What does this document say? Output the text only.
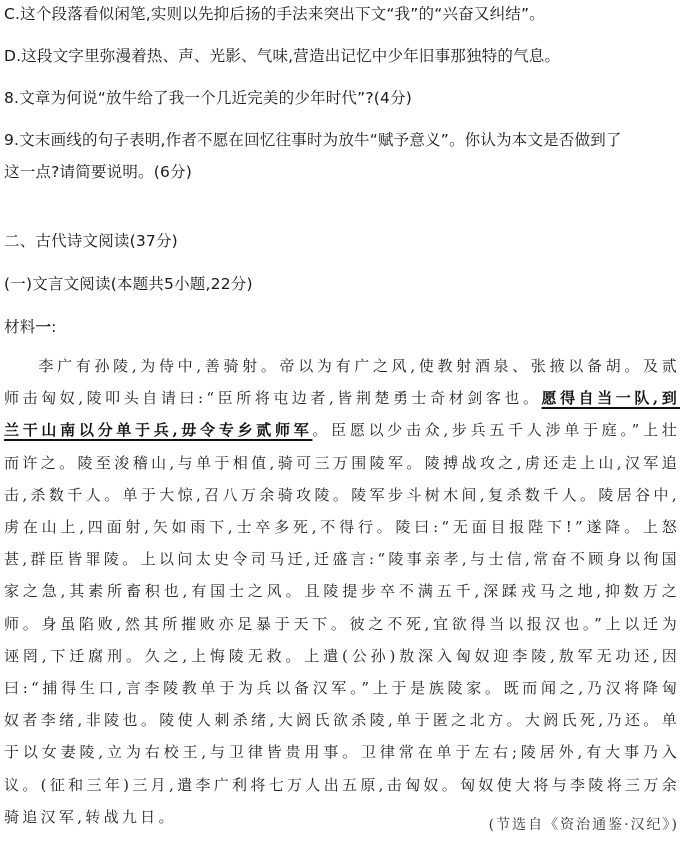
C.这个段落看似闲笔,实则以先抑后扬的手法来突出下文“我”的“兴奋又纠结”。
D.这段文字里弥漫着热、声、光影、气味,营造出记忆中少年旧事那独特的气息。
8.文章为何说“放牛给了我一个几近完美的少年时代”?(4分)
9.文末画线的句子表明,作者不愿在回忆往事时为放牛“赋予意义”。你认为本文是否做到了
这一点?请简要说明。(6分)
二、古代诗文阅读(37分)
(一)文言文阅读(本题共5小题,22分)
材料一:
李广有孙陵,为侍中,善骑射。帝以为有广之风,使教射酒泉、张掖以备胡。及贰师击匈奴,陵叩头自请曰:“臣所将屯边者,皆荆楚勇士奇材剑客也。愿得自当一队,到兰干山南以分单于兵,毋令专乡贰师军。臣愿以少击众,步兵五千人涉单于庭。”上壮而许之。陵至浚稽山,与单于相值,骑可三万围陵军。陵搏战攻之,虏还走上山,汉军追击,杀数千人。单于大惊,召八万余骑攻陵。陵军步斗树木间,复杀数千人。陵居谷中,虏在山上,四面射,矢如雨下,士卒多死,不得行。陵曰:“无面目报陛下!”遂降。上怒甚,群臣皆罪陵。上以问太史令司马迁,迁盛言:“陵事亲孝,与士信,常奋不顾身以徇国家之急,其素所畜积也,有国士之风。且陵提步卒不满五千,深蹂戎马之地,抑数万之师。身虽陷败,然其所摧败亦足暴于天下。彼之不死,宜欲得当以报汉也。”上以迁为诬罔,下迁腐刑。久之,上悔陵无救。上遣(公孙)敖深入匈奴迎李陵,敖军无功还,因曰:“捕得生口,言李陵教单于为兵以备汉军。”上于是族陵家。既而闻之,乃汉将降匈奴者李绪,非陵也。陵使人刺杀绪,大阏氏欲杀陵,单于匿之北方。大阏氏死,乃还。单于以女妻陵,立为右校王,与卫律皆贵用事。卫律常在单于左右;陵居外,有大事乃入议。(征和三年)三月,遣李广利将七万人出五原,击匈奴。匈奴使大将与李陵将三万余骑追汉军,转战九日。	(节选自《资治通鉴·汉纪》)
